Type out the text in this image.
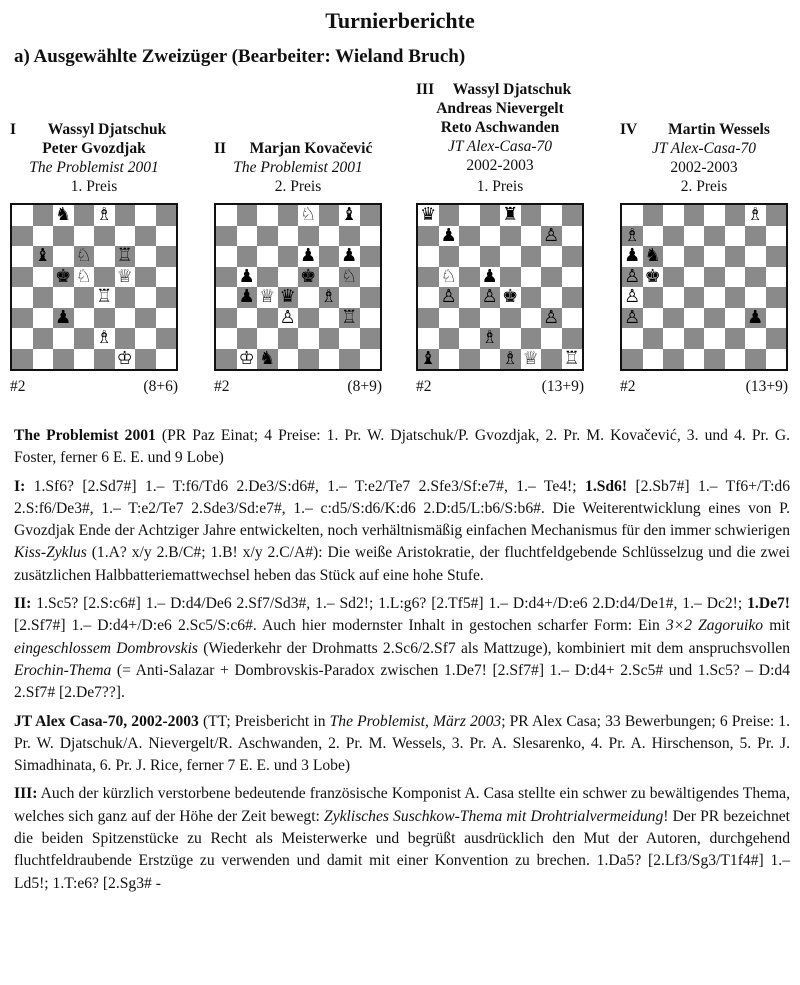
Turnierberichte
a) Ausgewählte Zweizüger (Bearbeiter: Wieland Bruch)
Wassyl Djatschuk
I
Peter Gvozdjak
The Problemist 2001
1. Preis
♞ ♗
♝ ♘ ♖
♚ ♘ ♕
♖
♟
♗
♔
#2	(8+6)
II	Marjan Kovačević
The Problemist 2001
2. Preis
♘ ♝
♟ ♟
♟	♚ ♘
♟ ♕ ♛ ♗
♙	♖
♔ ♞
#2	(8+9)
III	Wassyl Djatschuk
Andreas Nievergelt
Reto Aschwanden
JT Alex-Casa-70
2002-2003
1. Preis
♛	♜
♟	♙
♘ ♟
♙ ♙ ♚
♙
♗
♝	♗ ♕ ♖
#2	(13+9)
IV	Martin Wessels
JT Alex-Casa-70
2002-2003
2. Preis
♗
♗
♟ ♞
♙ ♚
♙
♙	♟
#2	(13+9)

The Problemist 2001 (PR Paz Einat; 4 Preise: 1. Pr. W. Djatschuk/P. Gvozdjak, 2. Pr. M. Kovačević, 3. und 4. Pr. G. Foster, ferner 6 E. E. und 9 Lobe)

I: 1.Sf6? [2.Sd7#] 1.– T:f6/Td6 2.De3/S:d6#, 1.– T:e2/Te7 2.Sfe3/Sf:e7#, 1.– Te4!; 1.Sd6! [2.Sb7#] 1.– Tf6+/T:d6 2.S:f6/De3#, 1.– T:e2/Te7 2.Sde3/Sd:e7#, 1.– c:d5/S:d6/K:d6 2.D:d5/L:b6/S:b6#. Die Weiterentwicklung eines von P. Gvozdjak Ende der Achtziger Jahre entwickelten, noch verhältnismäßig einfachen Mechanismus für den immer schwierigen Kiss-Zyklus (1.A? x/y 2.B/C#; 1.B! x/y 2.C/A#): Die weiße Aristokratie, der fluchtfeldgebende Schlüsselzug und die zwei zusätzlichen Halbbatteriemattwechsel heben das Stück auf eine hohe Stufe.

II: 1.Sc5? [2.S:c6#] 1.– D:d4/De6 2.Sf7/Sd3#, 1.– Sd2!; 1.L:g6? [2.Tf5#] 1.– D:d4+/D:e6 2.D:d4/De1#, 1.– Dc2!; 1.De7! [2.Sf7#] 1.– D:d4+/D:e6 2.Sc5/S:c6#. Auch hier modernster Inhalt in gestochen scharfer Form: Ein 3×2 Zagoruiko mit eingeschlossem Dombrovskis (Wiederkehr der Drohmatts 2.Sc6/2.Sf7 als Mattzuge), kombiniert mit dem anspruchsvollen Erochin-Thema (= Anti-Salazar + Dombrovskis-Paradox zwischen 1.De7! [2.Sf7#] 1.– D:d4+ 2.Sc5# und 1.Sc5? – D:d4 2.Sf7# [2.De7??].

JT Alex Casa-70, 2002-2003 (TT; Preisbericht in The Problemist, März 2003; PR Alex Casa; 33 Bewerbungen; 6 Preise: 1. Pr. W. Djatschuk/A. Nievergelt/R. Aschwanden, 2. Pr. M. Wessels, 3. Pr. A. Slesarenko, 4. Pr. A. Hirschenson, 5. Pr. J. Simadhinata, 6. Pr. J. Rice, ferner 7 E. E. und 3 Lobe)

III: Auch der kürzlich verstorbene bedeutende französische Komponist A. Casa stellte ein schwer zu bewältigendes Thema, welches sich ganz auf der Höhe der Zeit bewegt: Zyklisches Suschkow-Thema mit Drohtrialvermeidung! Der PR bezeichnet die beiden Spitzenstücke zu Recht als Meisterwerke und begrüßt ausdrücklich den Mut der Autoren, durchgehend fluchtfeldraubende Erstzüge zu verwenden und damit mit einer Konvention zu brechen. 1.Da5? [2.Lf3/Sg3/T1f4#] 1.– Ld5!; 1.T:e6? [2.Sg3# -
